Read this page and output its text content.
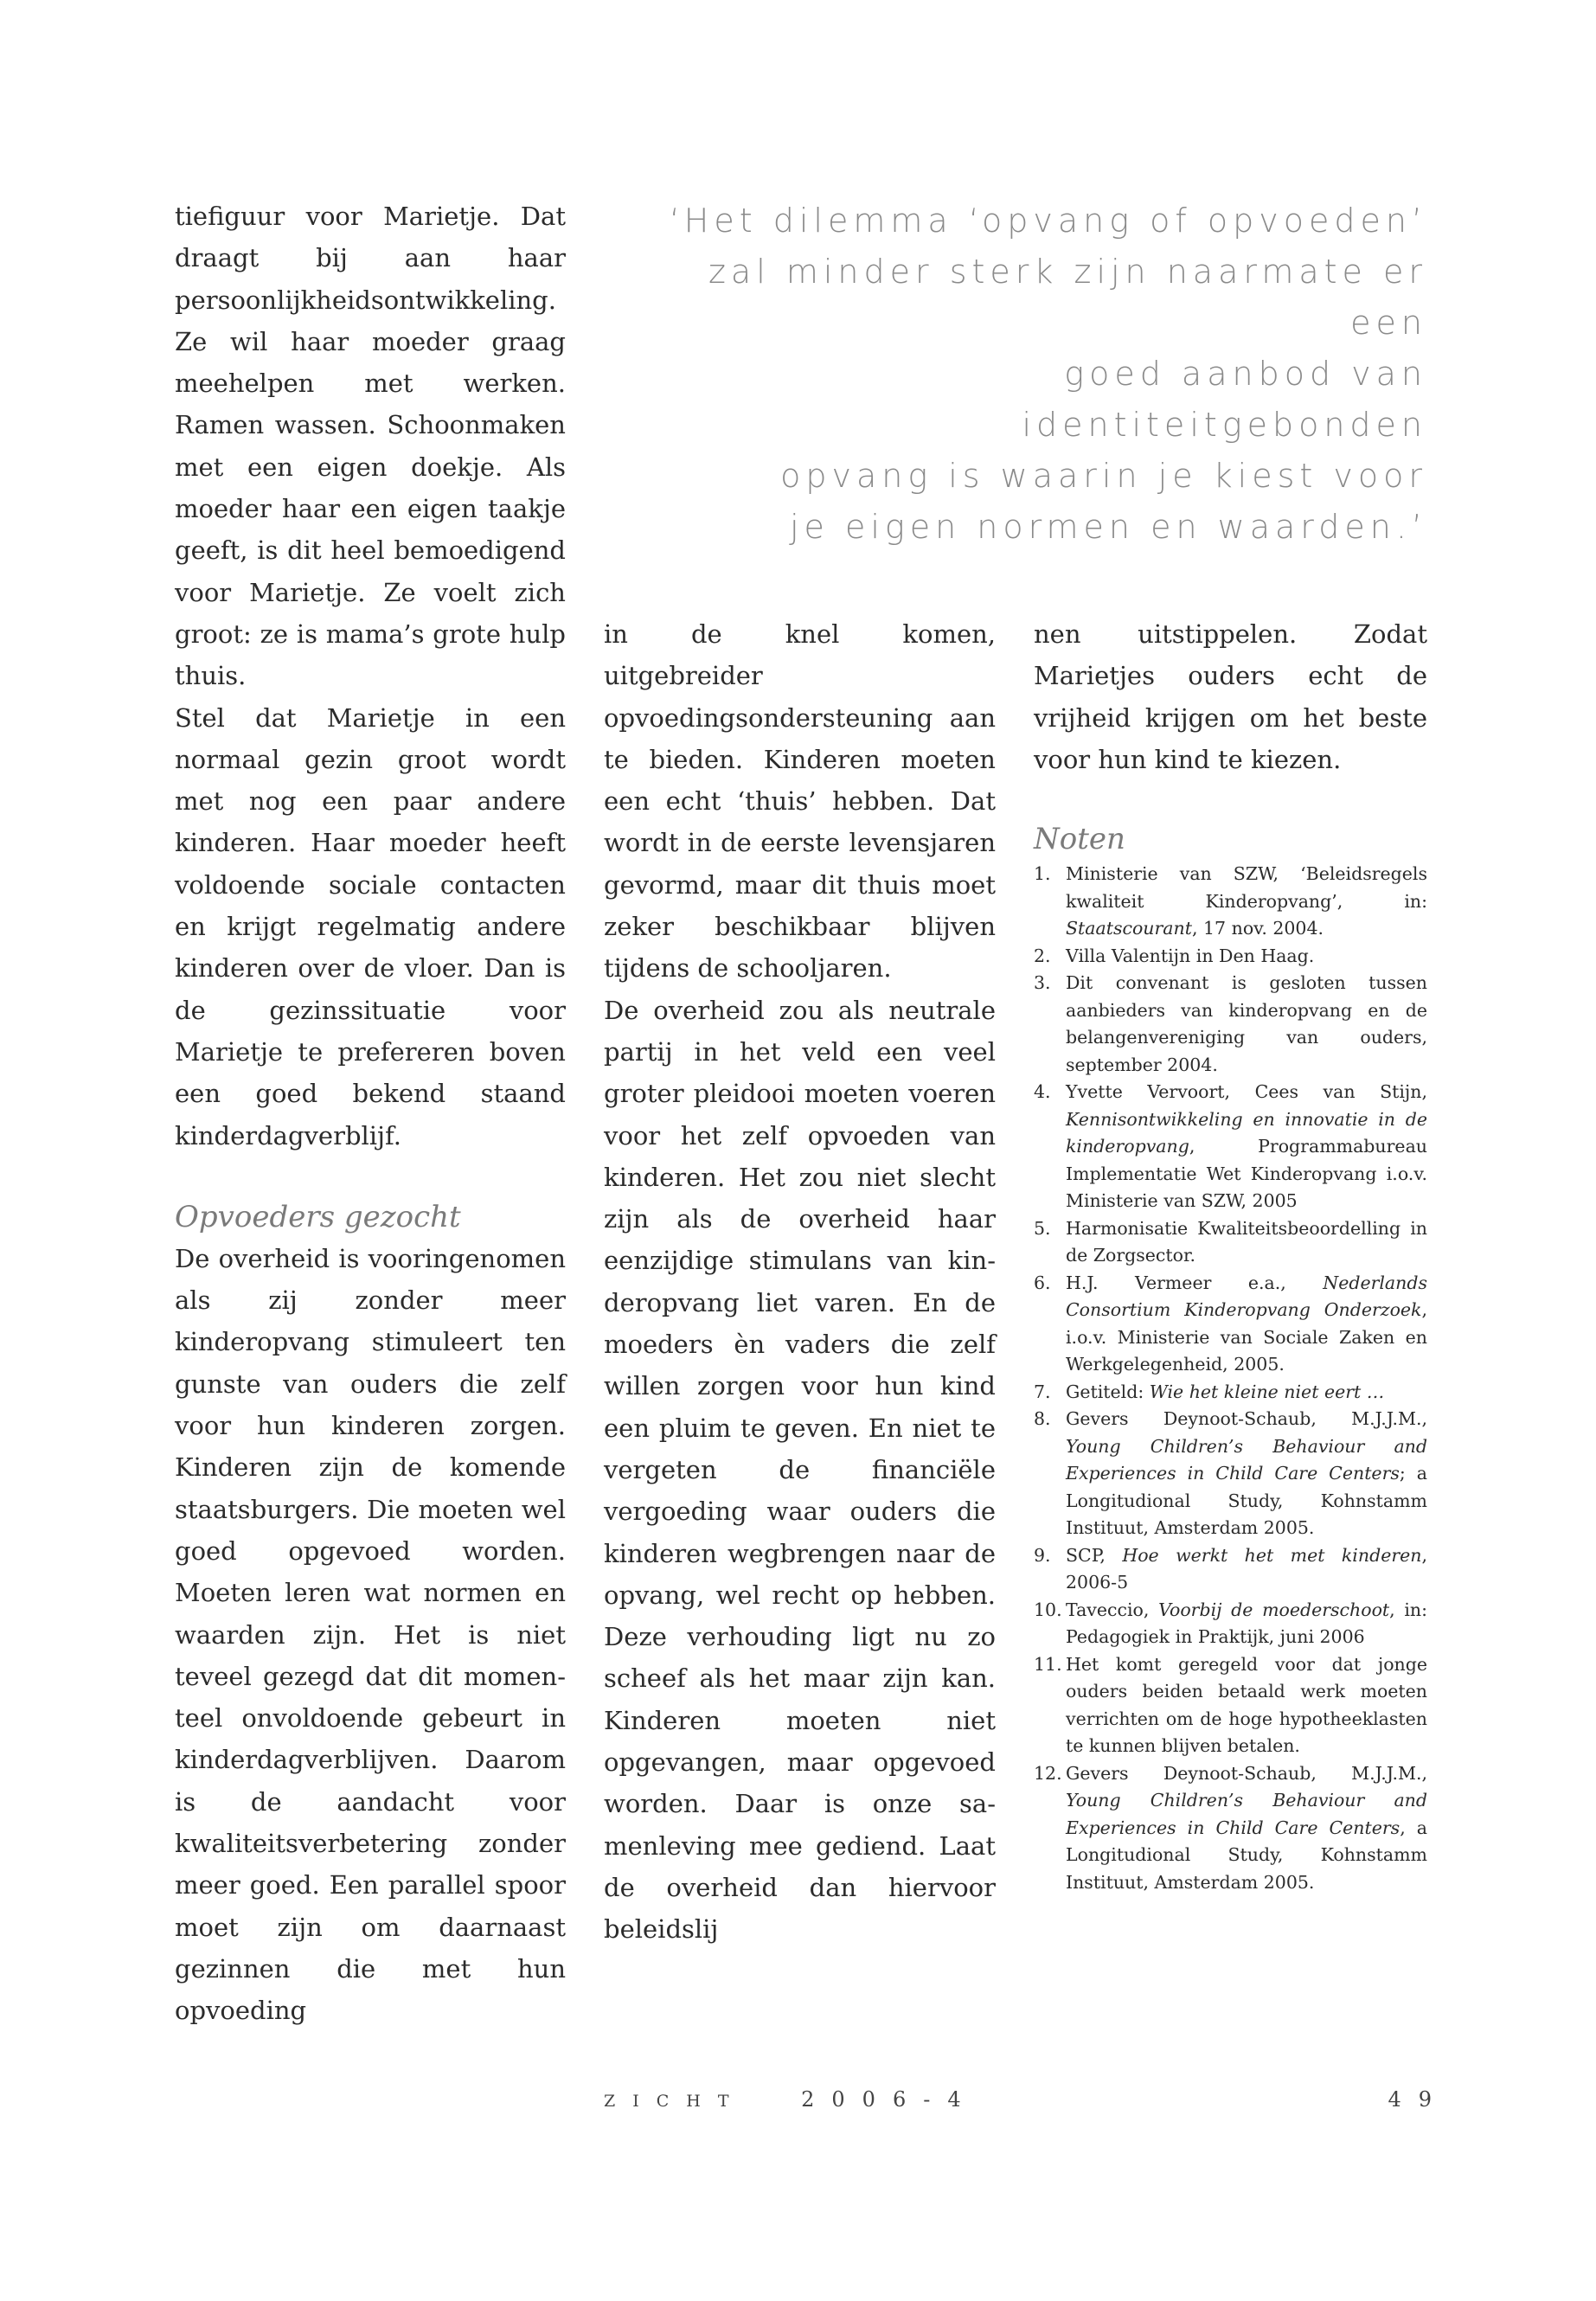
‘Het dilemma ‘opvang of opvoeden’
zal minder sterk zijn naarmate er een
goed aanbod van identiteitgebonden
opvang is waarin je kiest voor
je eigen normen en waarden.’

tiefiguur voor Marietje. Dat draagt bij aan haar persoonlijkheidsontwikkeling. Ze wil haar moeder graag meehelpen met werken. Ramen wassen. Schoonmaken met een eigen doekje. Als moeder haar een eigen taakje geeft, is dit heel bemoedigend voor Marietje. Ze voelt zich groot: ze is mama’s grote hulp thuis.

Stel dat Marietje in een normaal gezin groot wordt met nog een paar andere kinderen. Haar moeder heeft voldoende sociale contacten en krijgt regelmatig andere kinderen over de vloer. Dan is de gezinssituatie voor Marietje te prefereren boven een goed bekend staand kinderdagverblijf.

Opvoeders gezocht

De overheid is vooringenomen als zij zonder meer kinderopvang stimuleert ten gunste van ouders die zelf voor hun kinderen zorgen. Kinderen zijn de komende staatsburgers. Die moeten wel goed opgevoed worden. Moeten leren wat normen en waarden zijn. Het is niet teveel gezegd dat dit momenteel onvoldoende gebeurt in kinderdagverblijven. Daarom is de aandacht voor kwaliteitsverbetering zonder meer goed. Een parallel spoor moet zijn om daarnaast gezinnen die met hun opvoeding

in de knel komen, uitgebreider opvoedingsondersteuning aan te bieden. Kinderen moeten een echt ‘thuis’ hebben. Dat wordt in de eerste levensjaren gevormd, maar dit thuis moet zeker beschikbaar blijven tijdens de schooljaren.

De overheid zou als neutrale partij in het veld een veel groter pleidooi moeten voeren voor het zelf opvoeden van kinderen. Het zou niet slecht zijn als de overheid haar eenzijdige stimulans van kinderopvang liet varen. En de moeders èn vaders die zelf willen zorgen voor hun kind een pluim te geven. En niet te vergeten de financiële vergoeding waar ouders die kinderen wegbrengen naar de opvang, wel recht op hebben. Deze verhouding ligt nu zo scheef als het maar zijn kan. Kinderen moeten niet opgevangen, maar opgevoed worden. Daar is onze samenleving mee gediend. Laat de overheid dan hiervoor beleidslij

nen uitstippelen. Zodat Marietjes ouders echt de vrijheid krijgen om het beste voor hun kind te kiezen.

Noten
1. Ministerie van SZW, ‘Beleidsregels kwaliteit Kinderopvang’, in: Staatscourant, 17 nov. 2004.
2. Villa Valentijn in Den Haag.
3. Dit convenant is gesloten tussen aanbieders van kinderopvang en de belangenvereniging van ouders, september 2004.
4. Yvette Vervoort, Cees van Stijn, Kennisontwikkeling en innovatie in de kinderopvang, Programmabureau Implementatie Wet Kinderopvang i.o.v. Ministerie van SZW, 2005
5. Harmonisatie Kwaliteitsbeoordelling in de Zorgsector.
6. H.J. Vermeer e.a., Nederlands Consortium Kinderopvang Onderzoek, i.o.v. Ministerie van Sociale Zaken en Werkgelegenheid, 2005.
7. Getiteld: Wie het kleine niet eert …
8. Gevers Deynoot-Schaub, M.J.J.M., Young Children’s Behaviour and Experiences in Child Care Centers; a Longitudional Study, Kohnstamm Instituut, Amsterdam 2005.
9. SCP, Hoe werkt het met kinderen, 2006-5
10. Taveccio, Voorbij de moederschoot, in: Pedagogiek in Praktijk, juni 2006
11. Het komt geregeld voor dat jonge ouders beiden betaald werk moeten verrichten om de hoge hypotheeklasten te kunnen blijven betalen.
12. Gevers Deynoot-Schaub, M.J.J.M., Young Children’s Behaviour and Experiences in Child Care Centers, a Longitudional Study, Kohnstamm Instituut, Amsterdam 2005.
ZICHT	2006-4	49
